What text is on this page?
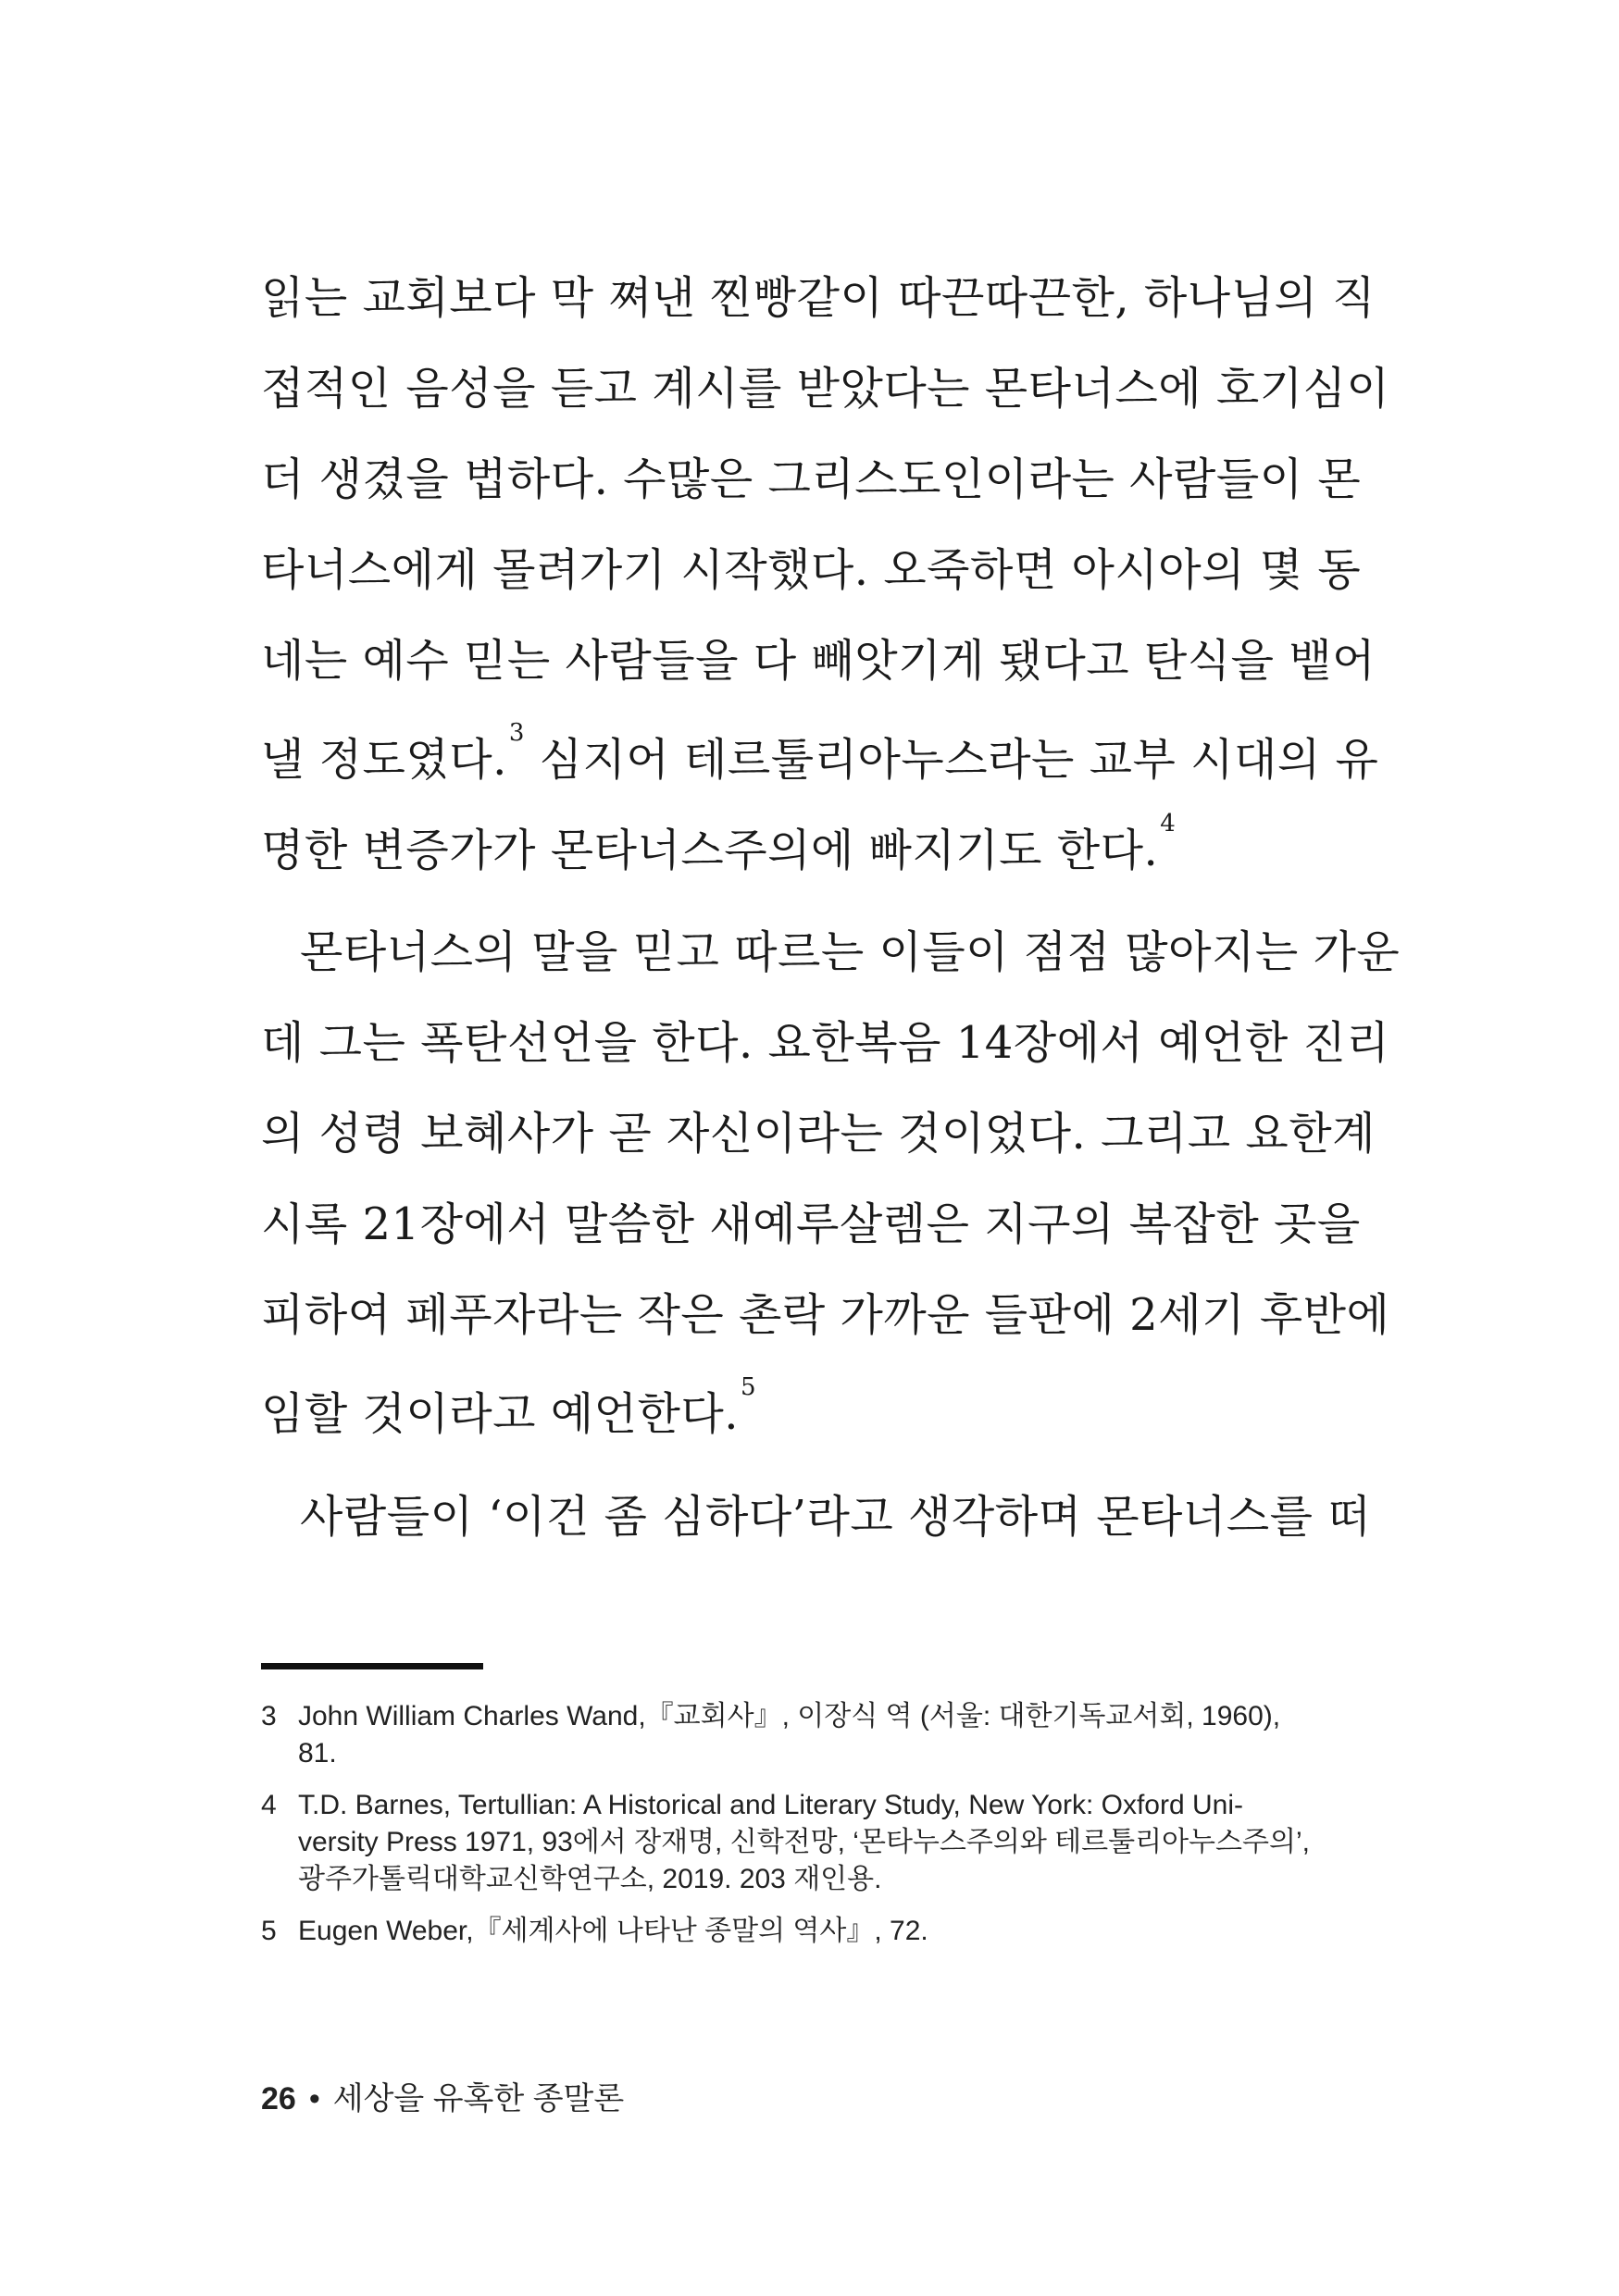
읽는 교회보다 막 쪄낸 찐빵같이 따끈따끈한, 하나님의 직
접적인 음성을 듣고 계시를 받았다는 몬타너스에 호기심이
더 생겼을 법하다. 수많은 그리스도인이라는 사람들이 몬
타너스에게 몰려가기 시작했다. 오죽하면 아시아의 몇 동
네는 예수 믿는 사람들을 다 빼앗기게 됐다고 탄식을 뱉어
낼 정도였다.$^3$ 심지어 테르툴리아누스라는 교부 시대의 유
명한 변증가가 몬타너스주의에 빠지기도 한다.$^4$
몬타너스의 말을 믿고 따르는 이들이 점점 많아지는 가운
데 그는 폭탄선언을 한다. 요한복음 14장에서 예언한 진리
의 성령 보혜사가 곧 자신이라는 것이었다. 그리고 요한계
시록 21장에서 말씀한 새예루살렘은 지구의 복잡한 곳을
피하여 페푸자라는 작은 촌락 가까운 들판에 2세기 후반에
임할 것이라고 예언한다.$^5$
사람들이 ‘이건 좀 심하다’라고 생각하며 몬타너스를 떠
3 John William Charles Wand,『교회사』, 이장식 역 (서울: 대한기독교서회, 1960),
81.
4 T.D. Barnes, Tertullian: A Historical and Literary Study, New York: Oxford Uni-
versity Press 1971, 93에서 장재명, 신학전망, ‘몬타누스주의와 테르툴리아누스주의’,
광주가톨릭대학교신학연구소, 2019. 203 재인용.
5 Eugen Weber,『세계사에 나타난 종말의 역사』, 72.
26 • 세상을 유혹한 종말론
